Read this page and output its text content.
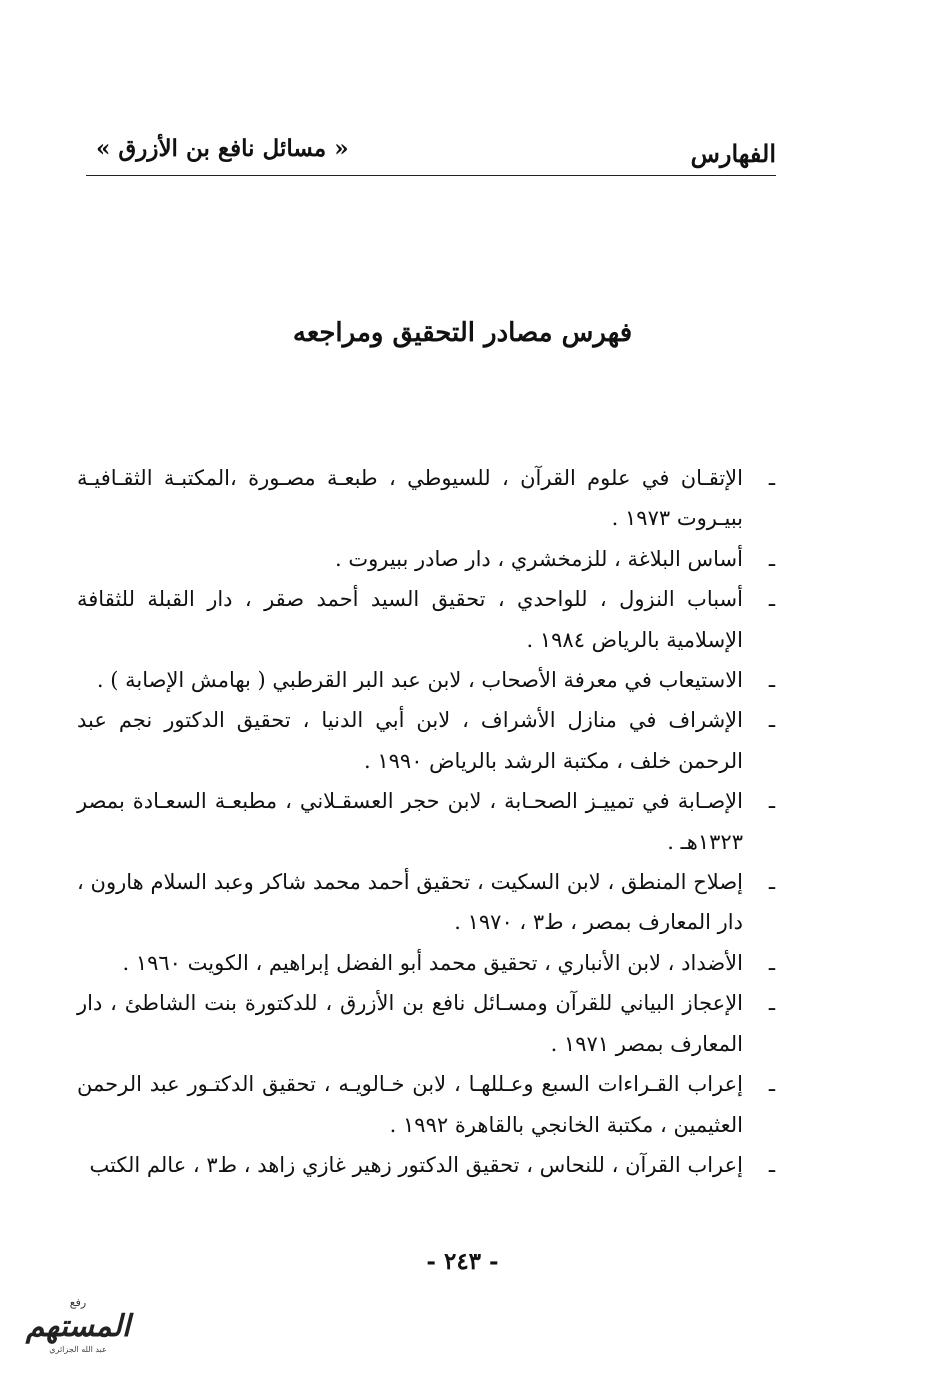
الفهارس
« مسائل نافع بن الأزرق »
فهرس مصادر التحقيق ومراجعه
ـ
الإتقـان في علوم القرآن ، للسيوطي ، طبعـة مصـورة ،المكتبـة الثقـافيـة ببيـروت ١٩٧٣ .
ـ
أساس البلاغة ، للزمخشري ، دار صادر ببيروت .
ـ
أسباب النزول ، للواحدي ، تحقيق السيد أحمد صقر ، دار القبلة للثقافة الإسلامية بالرياض ١٩٨٤ .
ـ
الاستيعاب في معرفة الأصحاب ، لابن عبد البر القرطبي ( بهامش الإصابة ) .
ـ
الإشراف في منازل الأشراف ، لابن أبي الدنيا ، تحقيق الدكتور نجم عبد الرحمن خلف ، مكتبة الرشد بالرياض ١٩٩٠ .
ـ
الإصـابة في تمييـز الصحـابة ، لابن حجر العسقـلاني ، مطبعـة السعـادة بمصر ١٣٢٣هـ .
ـ
إصلاح المنطق ، لابن السكيت ، تحقيق أحمد محمد شاكر وعبد السلام هارون ، دار المعارف بمصر ، ط٣ ، ١٩٧٠ .
ـ
الأضداد ، لابن الأنباري ، تحقيق محمد أبو الفضل إبراهيم ، الكويت ١٩٦٠ .
ـ
الإعجاز البياني للقرآن ومسـائل نافع بن الأزرق ، للدكتورة بنت الشاطئ ، دار المعارف بمصر ١٩٧١ .
ـ
إعراب القـراءات السبع وعـللهـا ، لابن خـالويـه ، تحقيق الدكتـور عبد الرحمن العثيمين ، مكتبة الخانجي بالقاهرة ١٩٩٢ .
ـ
إعراب القرآن ، للنحاس ، تحقيق الدكتور زهير غازي زاهد ، ط٣ ، عالم الكتب
- ٢٤٣ -
رفع
المستهم
عبد الله الجزائري
